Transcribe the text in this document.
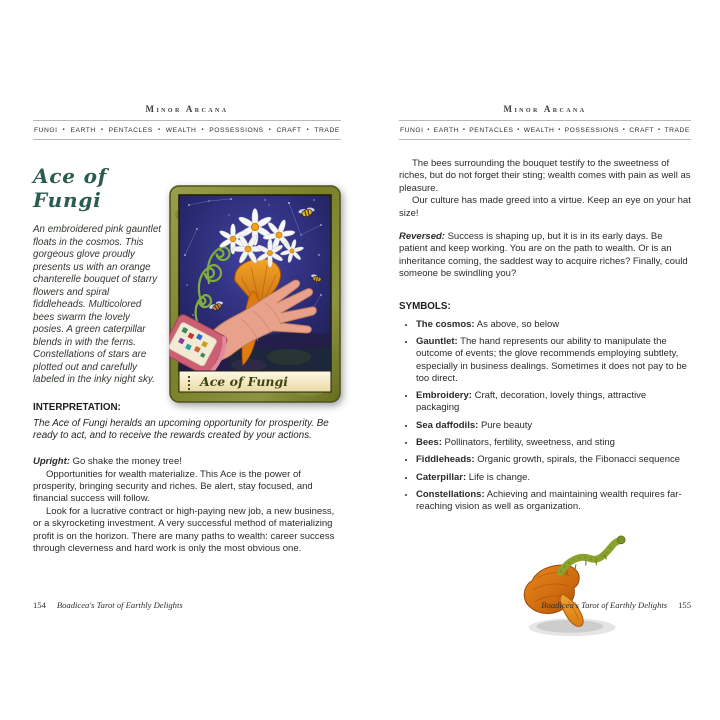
Minor Arcana
FUNGI • EARTH • PENTACLES • WEALTH • POSSESSIONS • CRAFT • TRADE
Ace of Fungi
Ace of Fungi

An embroidered pink gauntlet floats in the cosmos. This gorgeous glove proudly presents us with an orange chanterelle bouquet of starry flowers and spiral fiddleheads. Multicolored bees swarm the lovely posies. A green caterpillar blends in with the ferns. Constellations of stars are plotted out and carefully labeled in the inky night sky.

INTERPRETATION:

The Ace of Fungi heralds an upcoming opportunity for prosperity. Be ready to act, and to receive the rewards created by your actions.

Upright: Go shake the money tree!

Opportunities for wealth materialize. This Ace is the power of prosperity, bringing security and riches. Be alert, stay focused, and financial success will follow.

Look for a lucrative contract or high-paying new job, a new business, or a skyrocketing investment. A very successful method of materializing profit is on the horizon. There are many paths to wealth: career success through cleverness and hard work is only the most obvious one.

Minor Arcana
FUNGI • EARTH • PENTACLES • WEALTH • POSSESSIONS • CRAFT • TRADE

The bees surrounding the bouquet testify to the sweetness of riches, but do not forget their sting; wealth comes with pain as well as pleasure.

Our culture has made greed into a virtue. Keep an eye on your hat size!

Reversed: Success is shaping up, but it is in its early days. Be patient and keep working. You are on the path to wealth. Or is an inheritance coming, the saddest way to acquire riches? Finally, could someone be swindling you?

SYMBOLS:
• The cosmos: As above, so below
• Gauntlet: The hand represents our ability to manipulate the outcome of events; the glove recommends employing subtlety, especially in business dealings. Sometimes it does not pay to be too direct.
• Embroidery: Craft, decoration, lovely things, attractive packaging
• Sea daffodils: Pure beauty
• Bees: Pollinators, fertility, sweetness, and sting
• Fiddleheads: Organic growth, spirals, the Fibonacci sequence
• Caterpillar: Life is change.
• Constellations: Achieving and maintaining wealth requires far-reaching vision as well as organization.
154 Boadicea's Tarot of Earthly Delights	Boadicea's Tarot of Earthly Delights 155
